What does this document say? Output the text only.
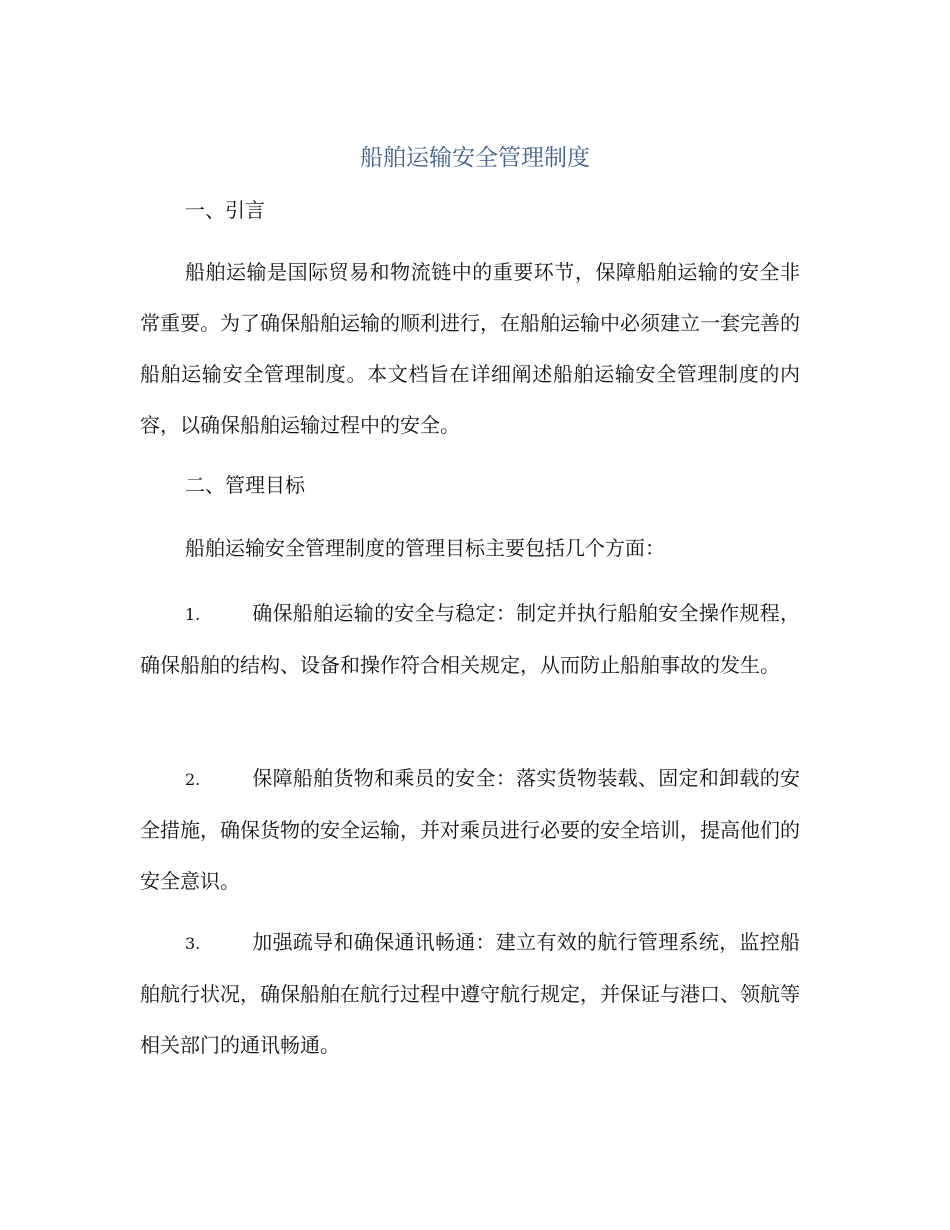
船舶运输安全管理制度
一、引言

船舶运输是国际贸易和物流链中的重要环节，保障船舶运输的安全非常重要。为了确保船舶运输的顺利进行，在船舶运输中必须建立一套完善的船舶运输安全管理制度。本文档旨在详细阐述船舶运输安全管理制度的内容，以确保船舶运输过程中的安全。

二、管理目标

船舶运输安全管理制度的管理目标主要包括几个方面：

1.	确保船舶运输的安全与稳定：制定并执行船舶安全操作规程，确保船舶的结构、设备和操作符合相关规定，从而防止船舶事故的发生。

2.	保障船舶货物和乘员的安全：落实货物装载、固定和卸载的安全措施，确保货物的安全运输，并对乘员进行必要的安全培训，提高他们的安全意识。

3.	加强疏导和确保通讯畅通：建立有效的航行管理系统，监控船舶航行状况，确保船舶在航行过程中遵守航行规定，并保证与港口、领航等相关部门的通讯畅通。
